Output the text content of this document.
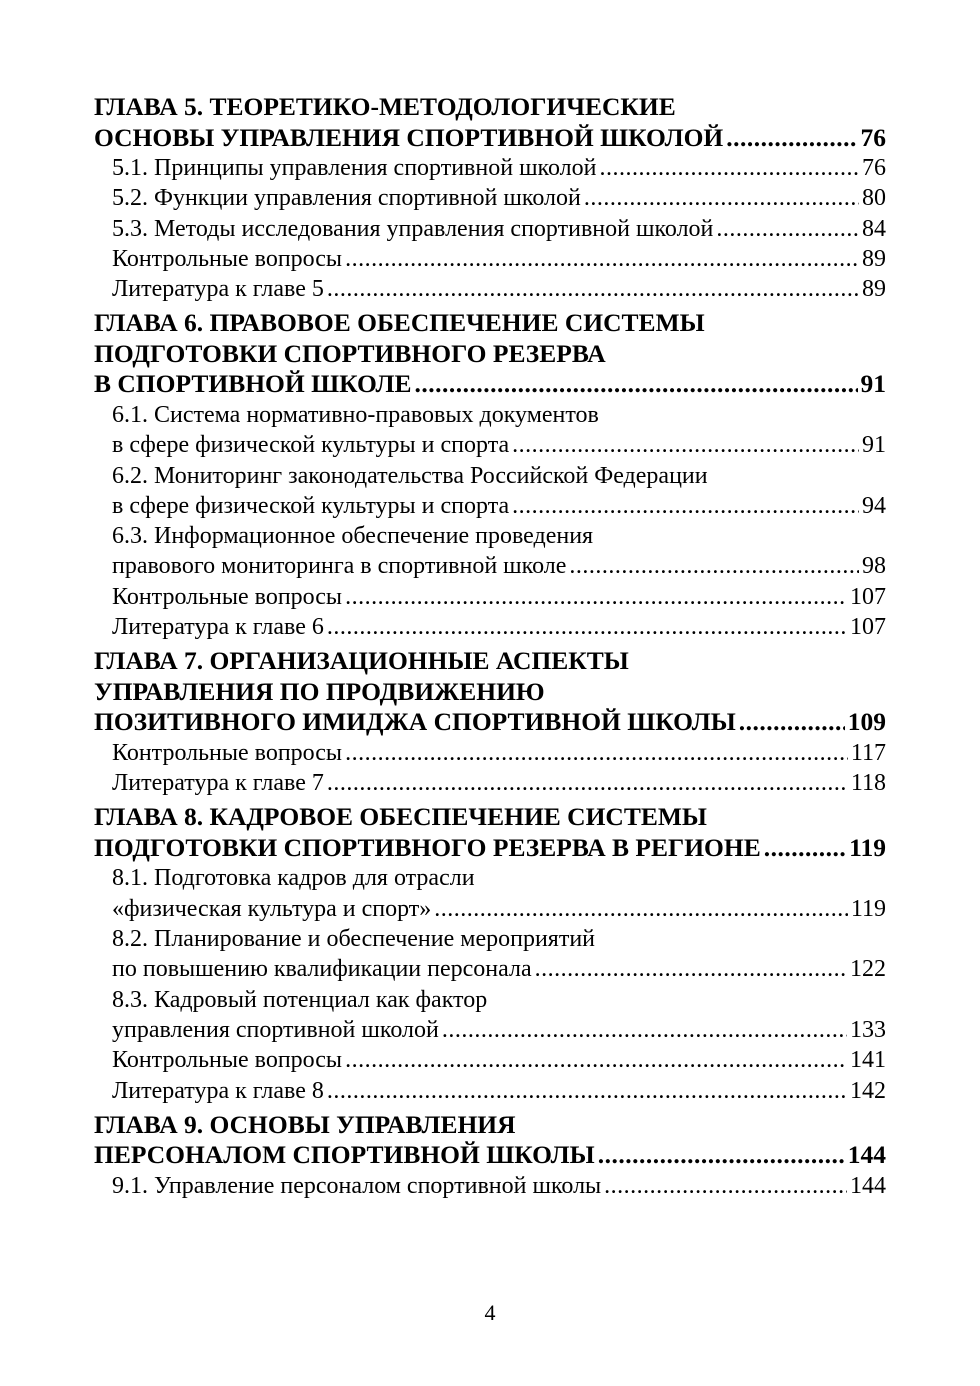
ГЛАВА 5. ТЕОРЕТИКО-МЕТОДОЛОГИЧЕСКИЕ
ОСНОВЫ УПРАВЛЕНИЯ СПОРТИВНОЙ ШКОЛОЙ .....	76
5.1. Принципы управления спортивной школой .....	76
5.2. Функции управления спортивной школой .....	80
5.3. Методы исследования управления спортивной школой .....	84
Контрольные вопросы .....	89
Литература к главе 5 .....	89
ГЛАВА 6. ПРАВОВОЕ ОБЕСПЕЧЕНИЕ СИСТЕМЫ
ПОДГОТОВКИ СПОРТИВНОГО РЕЗЕРВА
В СПОРТИВНОЙ ШКОЛЕ .....	91
6.1. Система нормативно-правовых документов
в сфере физической культуры и спорта .....	91
6.2. Мониторинг законодательства Российской Федерации
в сфере физической культуры и спорта .....	94
6.3. Информационное обеспечение проведения
правового мониторинга в спортивной школе .....	98
Контрольные вопросы .....	107
Литература к главе 6 .....	107
ГЛАВА 7. ОРГАНИЗАЦИОННЫЕ АСПЕКТЫ
УПРАВЛЕНИЯ ПО ПРОДВИЖЕНИЮ
ПОЗИТИВНОГО ИМИДЖА СПОРТИВНОЙ ШКОЛЫ .....	109
Контрольные вопросы .....	117
Литература к главе 7 .....	118
ГЛАВА 8. КАДРОВОЕ ОБЕСПЕЧЕНИЕ СИСТЕМЫ
ПОДГОТОВКИ СПОРТИВНОГО РЕЗЕРВА В РЕГИОНЕ .....	119
8.1. Подготовка кадров для отрасли
«физическая культура и спорт» .....	119
8.2. Планирование и обеспечение мероприятий
по повышению квалификации персонала .....	122
8.3. Кадровый потенциал как фактор
управления спортивной школой .....	133
Контрольные вопросы .....	141
Литература к главе 8 .....	142
ГЛАВА 9. ОСНОВЫ УПРАВЛЕНИЯ
ПЕРСОНАЛОМ СПОРТИВНОЙ ШКОЛЫ .....	144
9.1. Управление персоналом спортивной школы .....	144
4
